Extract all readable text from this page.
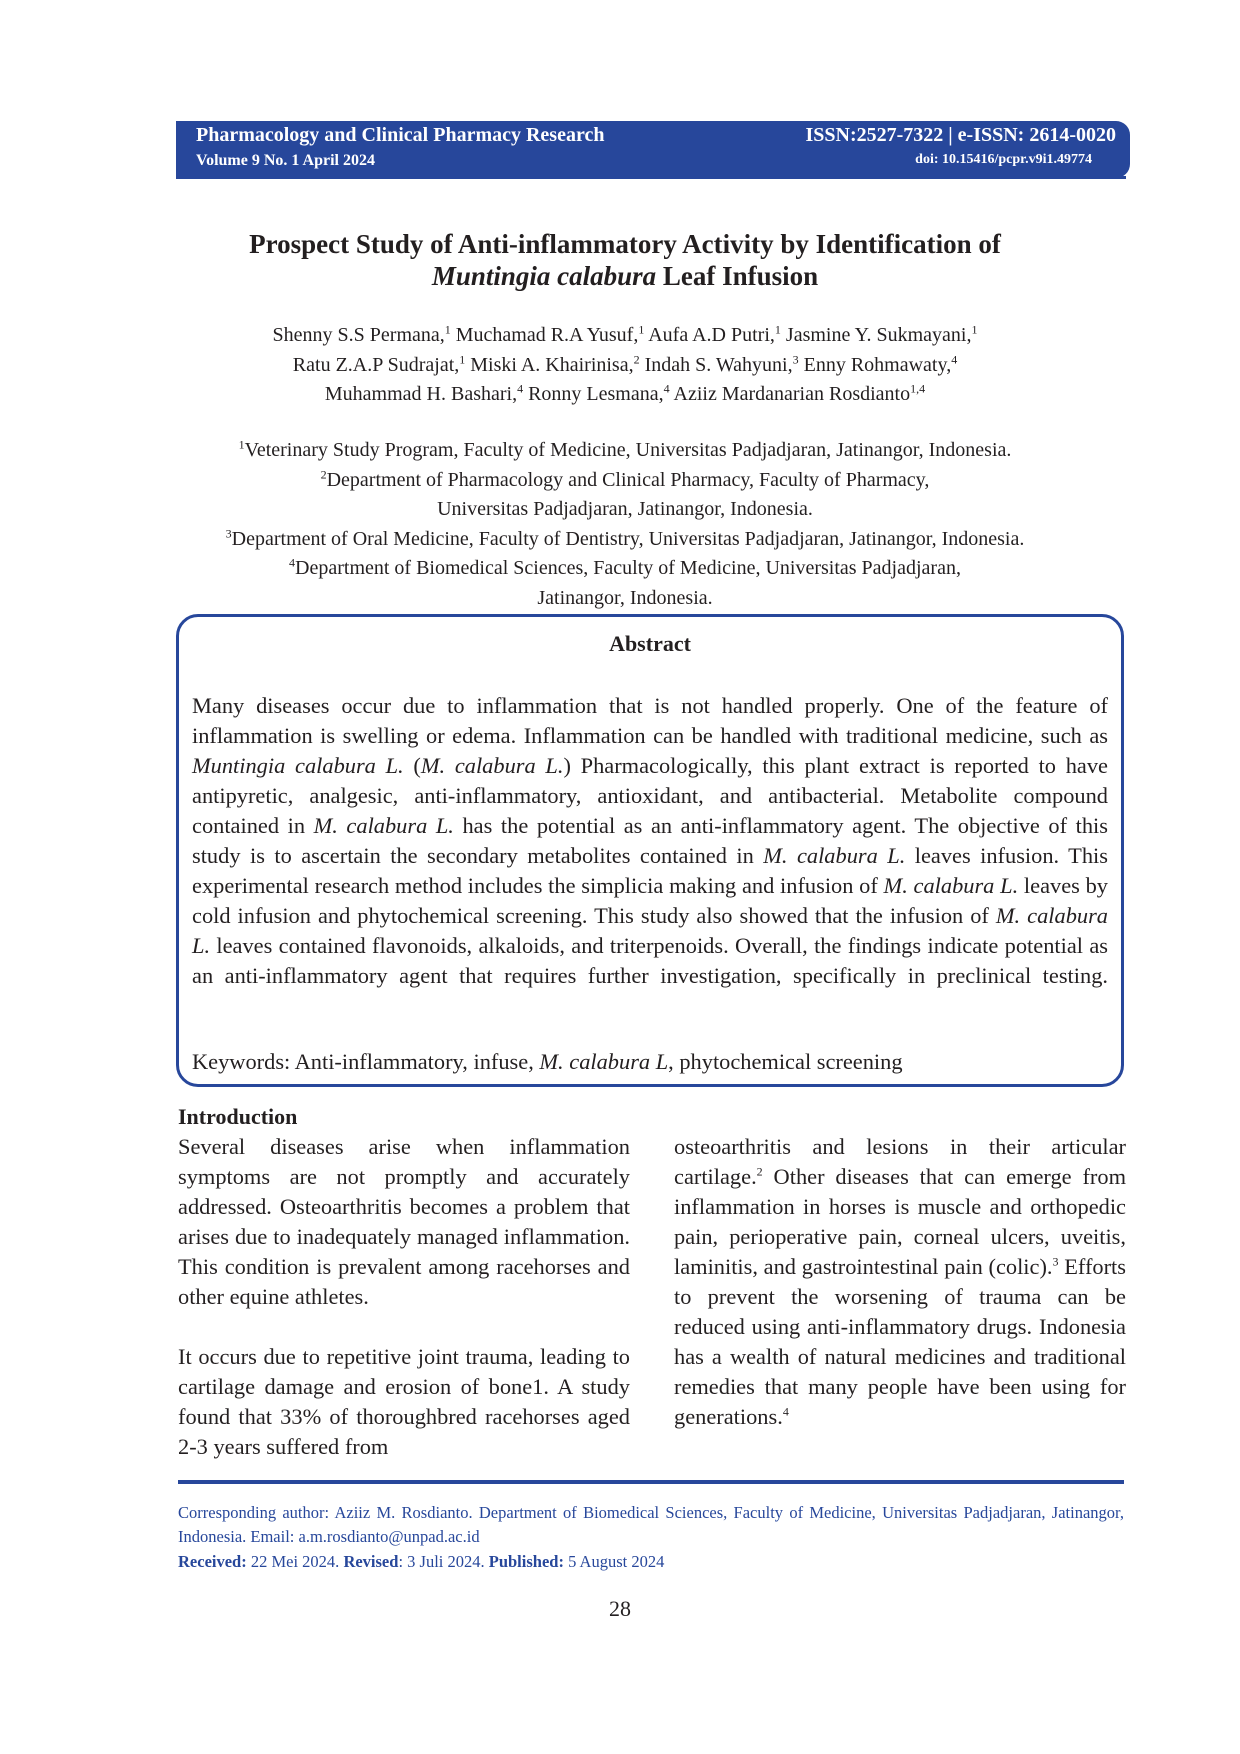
Pharmacology and Clinical Pharmacy Research
Volume 9 No. 1 April 2024
ISSN:2527-7322 | e-ISSN: 2614-0020
doi: 10.15416/pcpr.v9i1.49774
Prospect Study of Anti-inflammatory Activity by Identification of
Muntingia calabura Leaf Infusion
Shenny S.S Permana,$^1$ Muchamad R.A Yusuf,$^1$ Aufa A.D Putri,$^1$ Jasmine Y. Sukmayani,$^1$
Ratu Z.A.P Sudrajat,$^1$ Miski A. Khairinisa,$^2$ Indah S. Wahyuni,$^3$ Enny Rohmawaty,$^4$
Muhammad H. Bashari,$^4$ Ronny Lesmana,$^4$ Aziiz Mardanarian Rosdianto$^{1,4}$
$^1$Veterinary Study Program, Faculty of Medicine, Universitas Padjadjaran, Jatinangor, Indonesia.
$^2$Department of Pharmacology and Clinical Pharmacy, Faculty of Pharmacy,
Universitas Padjadjaran, Jatinangor, Indonesia.
$^3$Department of Oral Medicine, Faculty of Dentistry, Universitas Padjadjaran, Jatinangor, Indonesia.
$^4$Department of Biomedical Sciences, Faculty of Medicine, Universitas Padjadjaran,
Jatinangor, Indonesia.
Abstract
Many diseases occur due to inflammation that is not handled properly. One of the feature of inflammation is swelling or edema. Inflammation can be handled with traditional medicine, such as Muntingia calabura L. (M. calabura L.) Pharmacologically, this plant extract is reported to have antipyretic, analgesic, anti-inflammatory, antioxidant, and antibacterial. Metabolite compound contained in M. calabura L. has the potential as an anti-inflammatory agent. The objective of this study is to ascertain the secondary metabolites contained in M. calabura L. leaves infusion. This experimental research method includes the simplicia making and infusion of M. calabura L. leaves by cold infusion and phytochemical screening. This study also showed that the infusion of M. calabura L. leaves contained flavonoids, alkaloids, and triterpenoids. Overall, the findings indicate potential as an anti-inflammatory agent that requires further investigation, specifically in preclinical testing.
Keywords: Anti-inflammatory, infuse, M. calabura L, phytochemical screening
Introduction
Several diseases arise when inflammation symptoms are not promptly and accurately addressed. Osteoarthritis becomes a problem that arises due to inadequately managed inflammation. This condition is prevalent among racehorses and other equine athletes.
It occurs due to repetitive joint trauma, leading to cartilage damage and erosion of bone1. A study found that 33% of thoroughbred racehorses aged 2-3 years suffered from
osteoarthritis and lesions in their articular cartilage.$^2$ Other diseases that can emerge from inflammation in horses is muscle and orthopedic pain, perioperative pain, corneal ulcers, uveitis, laminitis, and gastrointestinal pain (colic).$^3$ Efforts to prevent the worsening of trauma can be reduced using anti-inflammatory drugs. Indonesia has a wealth of natural medicines and traditional remedies that many people have been using for generations.$^4$
Corresponding author: Aziiz M. Rosdianto. Department of Biomedical Sciences, Faculty of Medicine, Universitas Padjadjaran, Jatinangor, Indonesia. Email: a.m.rosdianto@unpad.ac.id
Received: 22 Mei 2024. Revised: 3 Juli 2024. Published: 5 August 2024
28
